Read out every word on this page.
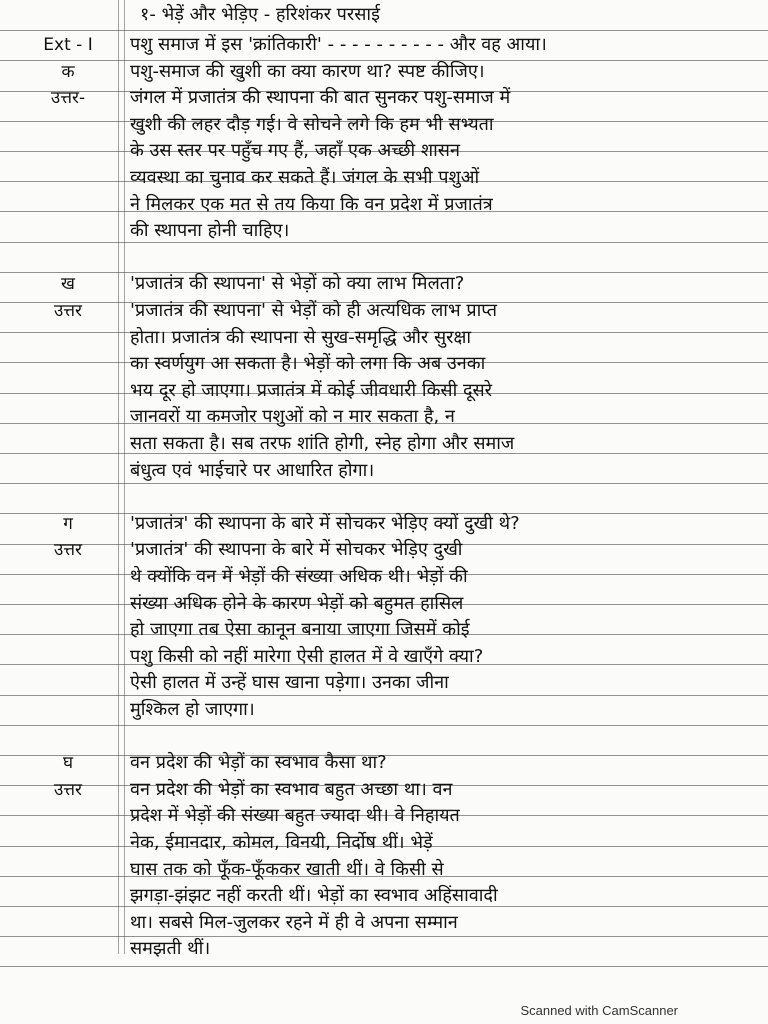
१- भेड़ें और भेड़िए - हरिशंकर परसाई
Ext - I	पशु समाज में इस 'क्रांतिकारी' - - - - - - - - - - और वह आया।
क	पशु-समाज की खुशी का क्या कारण था? स्पष्ट कीजिए।
उत्तर-	जंगल में प्रजातंत्र की स्थापना की बात सुनकर पशु-समाज में
खुशी की लहर दौड़ गई। वे सोचने लगे कि हम भी सभ्यता
के उस स्तर पर पहुँच गए हैं, जहाँ एक अच्छी शासन
व्यवस्था का चुनाव कर सकते हैं। जंगल के सभी पशुओं
ने मिलकर एक मत से तय किया कि वन प्रदेश में प्रजातंत्र
की स्थापना होनी चाहिए।
ख	'प्रजातंत्र की स्थापना' से भेड़ों को क्या लाभ मिलता?
उत्तर	'प्रजातंत्र की स्थापना' से भेड़ों को ही अत्यधिक लाभ प्राप्त
होता। प्रजातंत्र की स्थापना से सुख-समृद्धि और सुरक्षा
का स्वर्णयुग आ सकता है। भेड़ों को लगा कि अब उनका
भय दूर हो जाएगा। प्रजातंत्र में कोई जीवधारी किसी दूसरे
जानवरों या कमजोर पशुओं को न मार सकता है, न
सता सकता है। सब तरफ शांति होगी, स्नेह होगा और समाज
बंधुत्व एवं भाईचारे पर आधारित होगा।
ग	'प्रजातंत्र' की स्थापना के बारे में सोचकर भेड़िए क्यों दुखी थे?
उत्तर	'प्रजातंत्र' की स्थापना के बारे में सोचकर भेड़िए दुखी
थे क्योंकि वन में भेड़ों की संख्या अधिक थी। भेड़ों की
संख्या अधिक होने के कारण भेड़ों को बहुमत हासिल
हो जाएगा तब ऐसा कानून बनाया जाएगा जिसमें कोई
पशु किसी को नहीं मारेगा ऐसी हालत में वे खाएँगे क्या?
ऐसी हालत में उन्हें घास खाना पड़ेगा। उनका जीना
मुश्किल हो जाएगा।
घ	वन प्रदेश की भेड़ों का स्वभाव कैसा था?
उत्तर	वन प्रदेश की भेड़ों का स्वभाव बहुत अच्छा था। वन
प्रदेश में भेड़ों की संख्या बहुत ज्यादा थी। वे निहायत
नेक, ईमानदार, कोमल, विनयी, निर्दोष थीं। भेड़ें
घास तक को फूँक-फूँककर खाती थीं। वे किसी से
झगड़ा-झंझट नहीं करती थीं। भेड़ों का स्वभाव अहिंसावादी
था। सबसे मिल-जुलकर रहने में ही वे अपना सम्मान
समझती थीं।
Scanned with CamScanner
